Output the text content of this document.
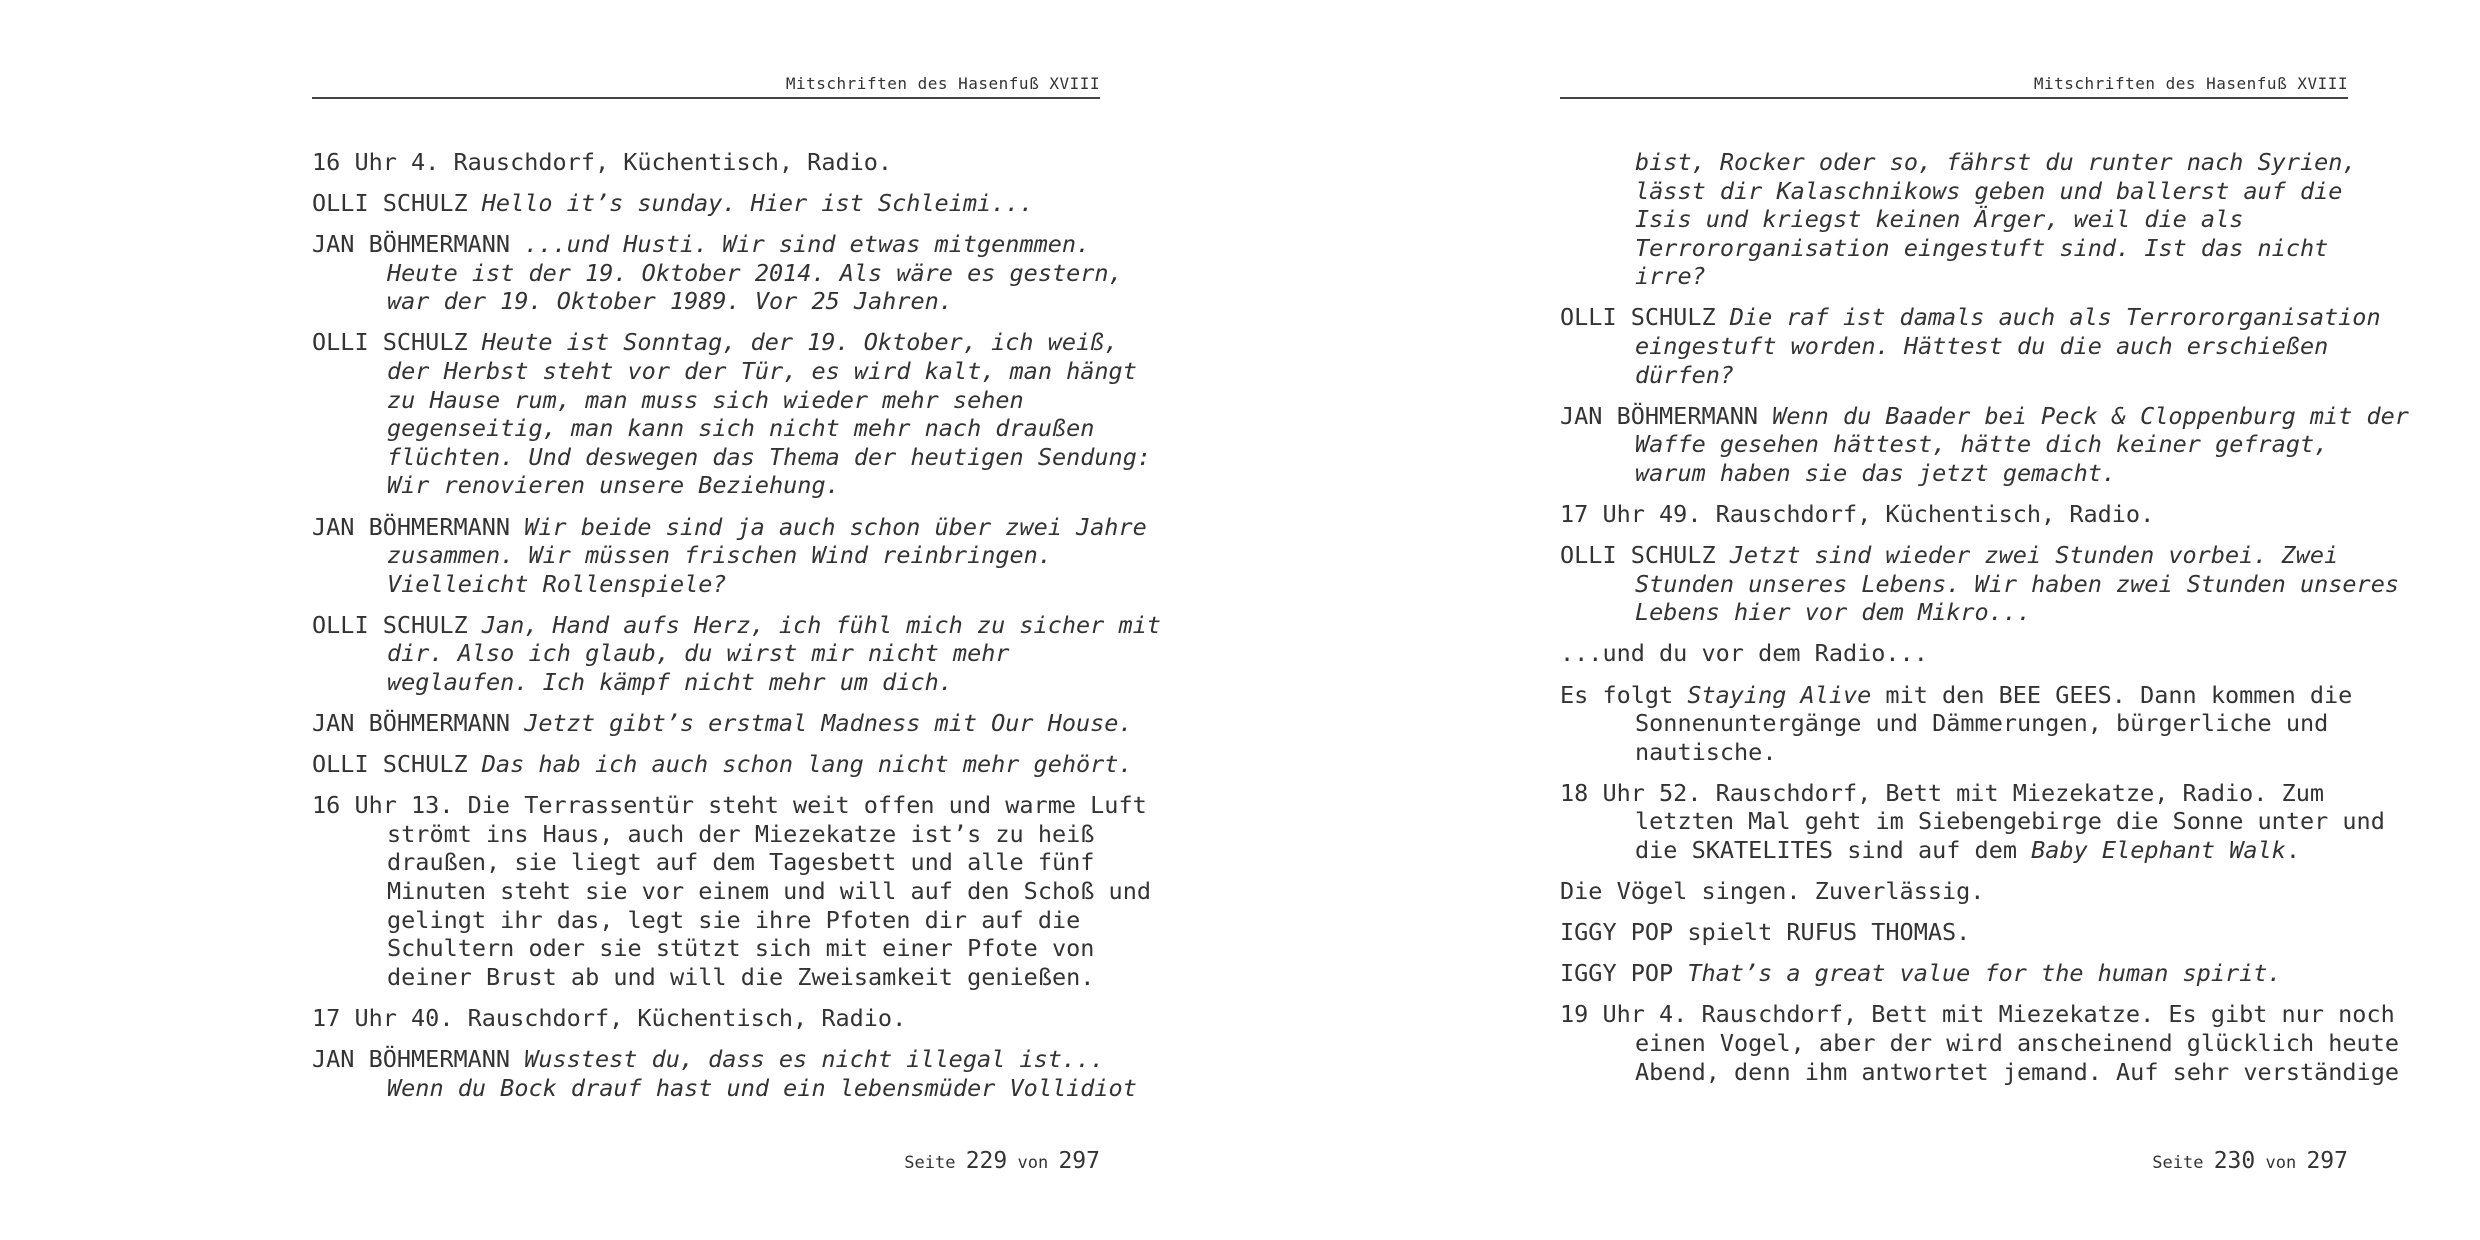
Mitschriften des Hasenfuß XVIII

16 Uhr 4. Rauschdorf, Küchentisch, Radio.

OLLI SCHULZ Hello it’s sunday. Hier ist Schleimi...

JAN BÖHMERMANN ...und Husti. Wir sind etwas mitgenmmen.
Heute ist der 19. Oktober 2014. Als wäre es gestern,
war der 19. Oktober 1989. Vor 25 Jahren.

OLLI SCHULZ Heute ist Sonntag, der 19. Oktober, ich weiß,
der Herbst steht vor der Tür, es wird kalt, man hängt
zu Hause rum, man muss sich wieder mehr sehen
gegenseitig, man kann sich nicht mehr nach draußen
flüchten. Und deswegen das Thema der heutigen Sendung:
Wir renovieren unsere Beziehung.

JAN BÖHMERMANN Wir beide sind ja auch schon über zwei Jahre
zusammen. Wir müssen frischen Wind reinbringen.
Vielleicht Rollenspiele?

OLLI SCHULZ Jan, Hand aufs Herz, ich fühl mich zu sicher mit
dir. Also ich glaub, du wirst mir nicht mehr
weglaufen. Ich kämpf nicht mehr um dich.

JAN BÖHMERMANN Jetzt gibt’s erstmal Madness mit Our House.

OLLI SCHULZ Das hab ich auch schon lang nicht mehr gehört.

16 Uhr 13. Die Terrassentür steht weit offen und warme Luft
strömt ins Haus, auch der Miezekatze ist’s zu heiß
draußen, sie liegt auf dem Tagesbett und alle fünf
Minuten steht sie vor einem und will auf den Schoß und
gelingt ihr das, legt sie ihre Pfoten dir auf die
Schultern oder sie stützt sich mit einer Pfote von
deiner Brust ab und will die Zweisamkeit genießen.

17 Uhr 40. Rauschdorf, Küchentisch, Radio.

JAN BÖHMERMANN Wusstest du, dass es nicht illegal ist...
Wenn du Bock drauf hast und ein lebensmüder Vollidiot

Seite 229 von 297
Mitschriften des Hasenfuß XVIII

bist, Rocker oder so, fährst du runter nach Syrien,
lässt dir Kalaschnikows geben und ballerst auf die
Isis und kriegst keinen Ärger, weil die als
Terrororganisation eingestuft sind. Ist das nicht
irre?

OLLI SCHULZ Die raf ist damals auch als Terrororganisation
eingestuft worden. Hättest du die auch erschießen
dürfen?

JAN BÖHMERMANN Wenn du Baader bei Peck & Cloppenburg mit der
Waffe gesehen hättest, hätte dich keiner gefragt,
warum haben sie das jetzt gemacht.

17 Uhr 49. Rauschdorf, Küchentisch, Radio.

OLLI SCHULZ Jetzt sind wieder zwei Stunden vorbei. Zwei
Stunden unseres Lebens. Wir haben zwei Stunden unseres
Lebens hier vor dem Mikro...

...und du vor dem Radio...

Es folgt Staying Alive mit den BEE GEES. Dann kommen die
Sonnenuntergänge und Dämmerungen, bürgerliche und
nautische.

18 Uhr 52. Rauschdorf, Bett mit Miezekatze, Radio. Zum
letzten Mal geht im Siebengebirge die Sonne unter und
die SKATELITES sind auf dem Baby Elephant Walk.

Die Vögel singen. Zuverlässig.

IGGY POP spielt RUFUS THOMAS.

IGGY POP That’s a great value for the human spirit.

19 Uhr 4. Rauschdorf, Bett mit Miezekatze. Es gibt nur noch
einen Vogel, aber der wird anscheinend glücklich heute
Abend, denn ihm antwortet jemand. Auf sehr verständige

Seite 230 von 297
